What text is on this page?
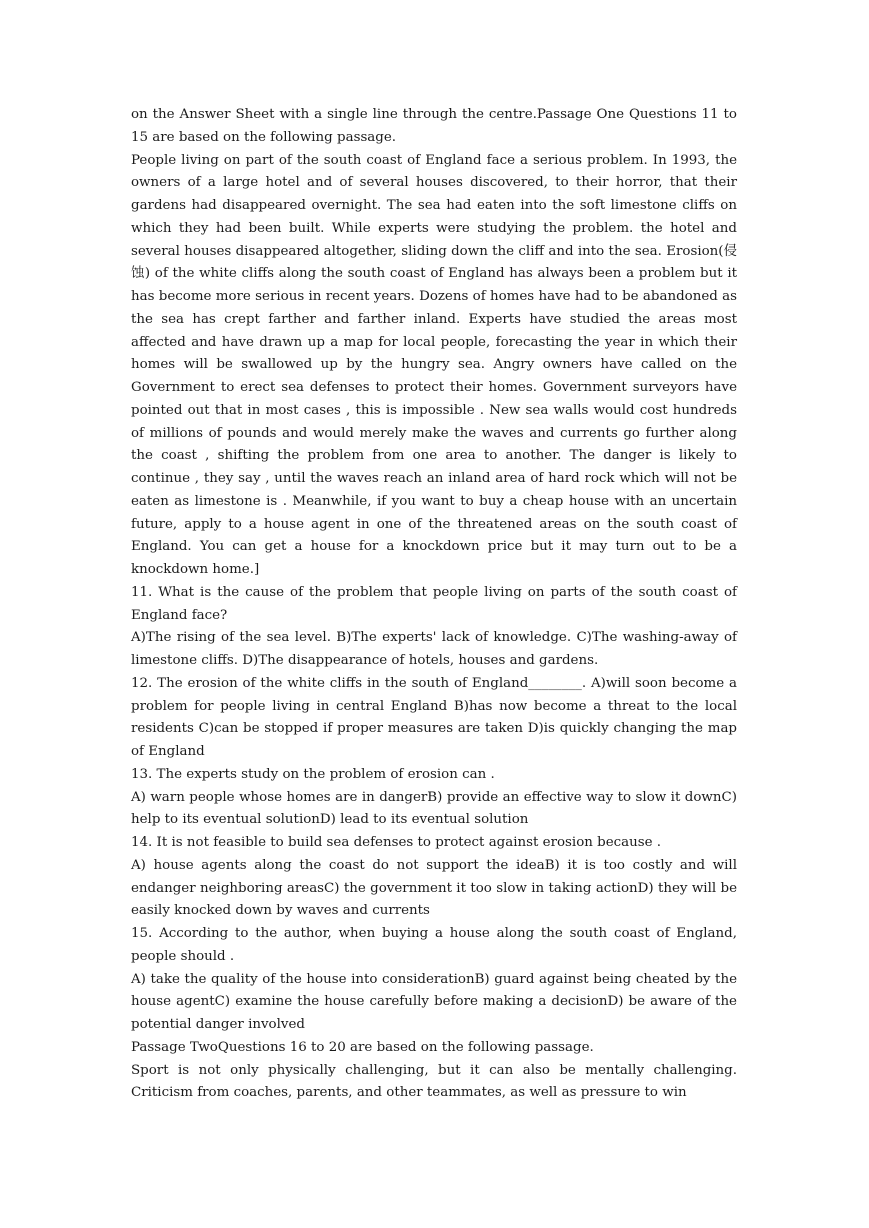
on the Answer Sheet with a single line through the centre.Passage One Questions 11 to 15 are based on the following passage.

People living on part of the south coast of England face a serious problem. In 1993, the owners of a large hotel and of several houses discovered, to their horror, that their gardens had disappeared overnight. The sea had eaten into the soft limestone cliffs on which they had been built. While experts were studying the problem. the hotel and several houses disappeared altogether, sliding down the cliff and into the sea. Erosion(侵蚀) of the white cliffs along the south coast of England has always been a problem but it has become more serious in recent years. Dozens of homes have had to be abandoned as the sea has crept farther and farther inland. Experts have studied the areas most affected and have drawn up a map for local people, forecasting the year in which their homes will be swallowed up by the hungry sea. Angry owners have called on the Government to erect sea defenses to protect their homes. Government surveyors have pointed out that in most cases , this is impossible . New sea walls would cost hundreds of millions of pounds and would merely make the waves and currents go further along the coast , shifting the problem from one area to another. The danger is likely to continue , they say , until the waves reach an inland area of hard rock which will not be eaten as limestone is . Meanwhile, if you want to buy a cheap house with an uncertain future, apply to a house agent in one of the threatened areas on the south coast of England. You can get a house for a knockdown price but it may turn out to be a knockdown home.]

11. What is the cause of the problem that people living on parts of the south coast of England face?

A)The rising of the sea level. B)The experts' lack of knowledge. C)The washing-away of limestone cliffs. D)The disappearance of hotels, houses and gardens.

12. The erosion of the white cliffs in the south of England________. A)will soon become a problem for people living in central England B)has now become a threat to the local residents C)can be stopped if proper measures are taken D)is quickly changing the map of England

13. The experts study on the problem of erosion can .

A) warn people whose homes are in dangerB) provide an effective way to slow it downC) help to its eventual solutionD) lead to its eventual solution

14. It is not feasible to build sea defenses to protect against erosion because .

A) house agents along the coast do not support the ideaB) it is too costly and will endanger neighboring areasC) the government it too slow in taking actionD) they will be easily knocked down by waves and currents

15. According to the author, when buying a house along the south coast of England, people should .

A) take the quality of the house into considerationB) guard against being cheated by the house agentC) examine the house carefully before making a decisionD) be aware of the potential danger involved

Passage TwoQuestions 16 to 20 are based on the following passage.

Sport is not only physically challenging, but it can also be mentally challenging. Criticism from coaches, parents, and other teammates, as well as pressure to win
